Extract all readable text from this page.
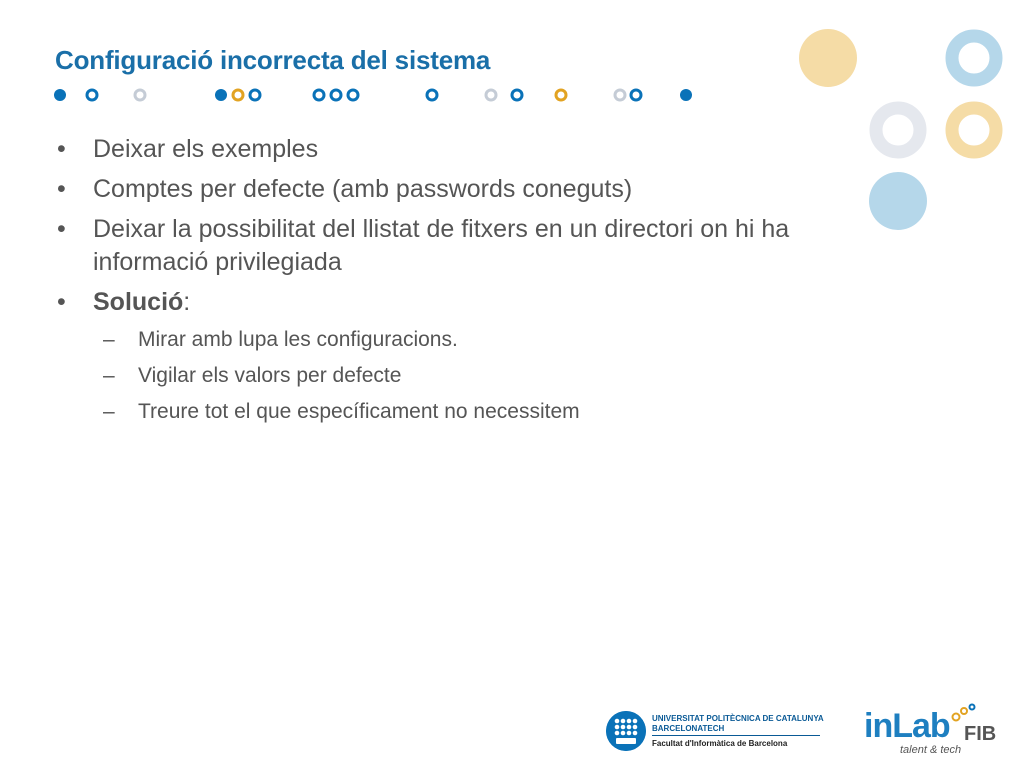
Configuració incorrecta del sistema
• Deixar els exemples
• Comptes per defecte (amb passwords coneguts)
• Deixar la possibilitat del llistat de fitxers en un directori on hi ha informació privilegiada
• Solució:
– Mirar amb lupa les configuracions.
– Vigilar els valors per defecte
– Treure tot el que específicament no necessitem
UNIVERSITAT POLITÈCNICA DE CATALUNYA
BARCELONATECH
Facultat d'Informàtica de Barcelona inLab FIB
talent & tech
